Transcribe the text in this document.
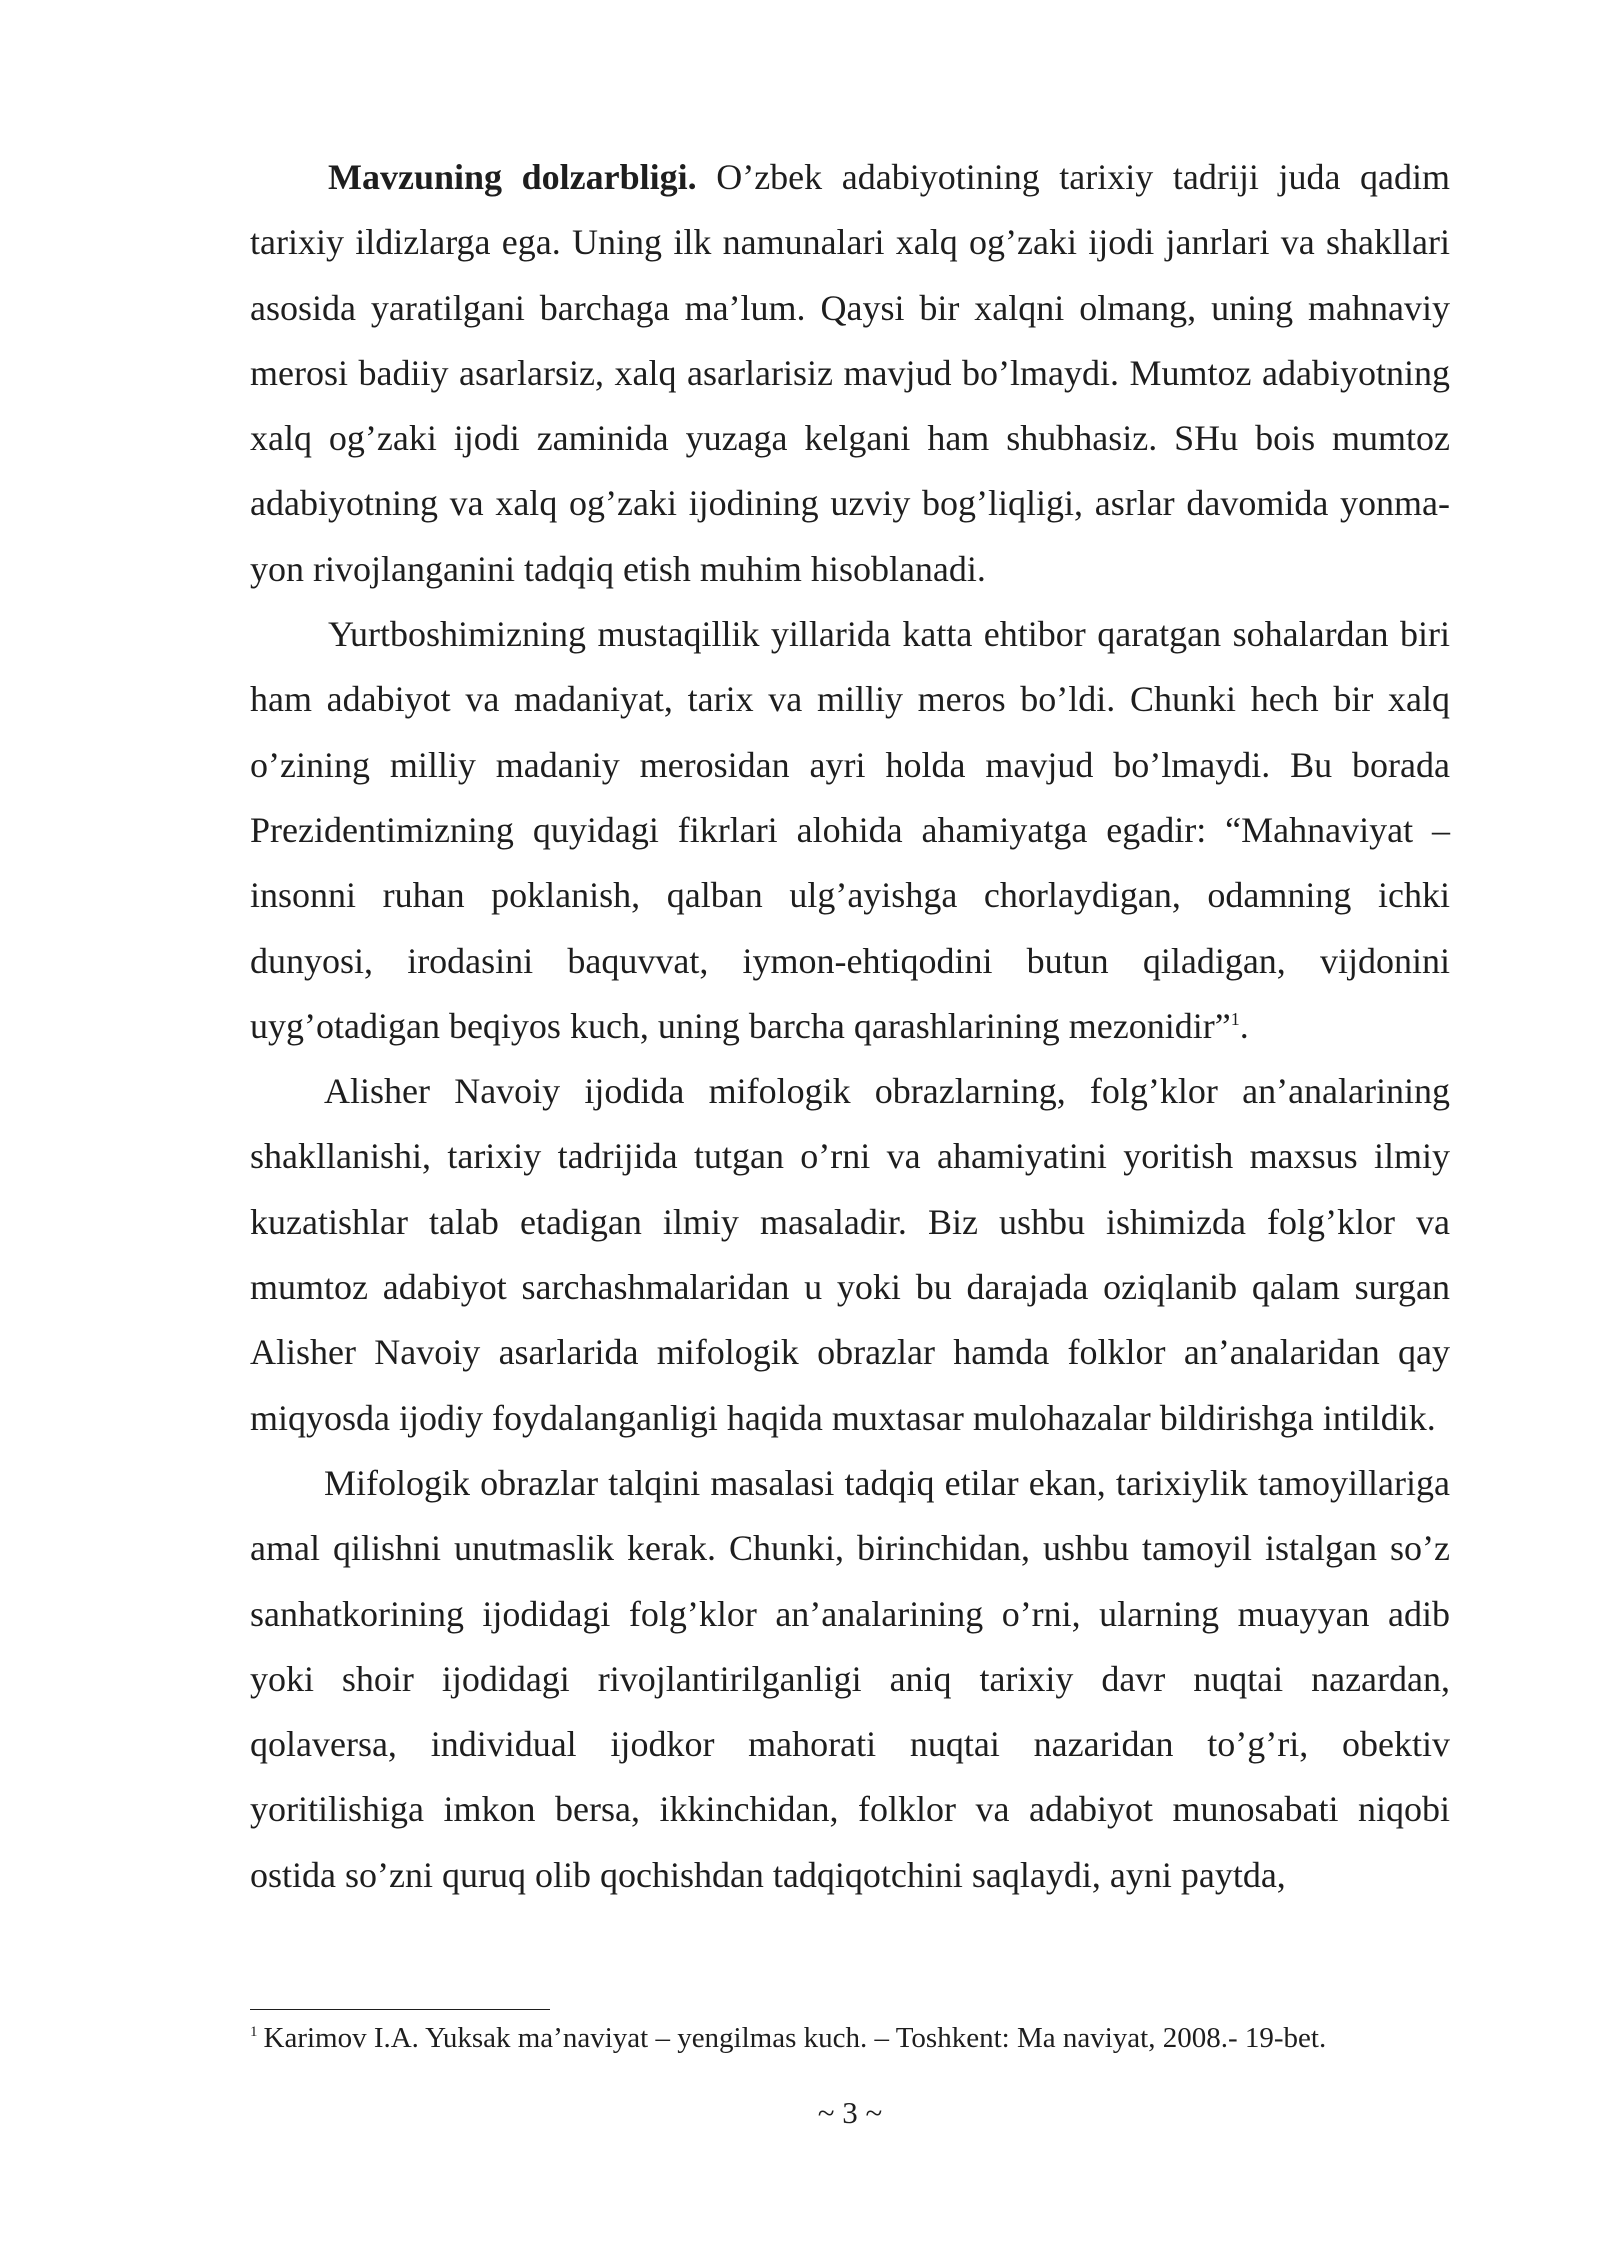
Mavzuning dolzarbligi. O’zbek adabiyotining tarixiy tadriji juda qadim tarixiy ildizlarga ega. Uning ilk namunalari xalq og’zaki ijodi janrlari va shakllari asosida yaratilgani barchaga ma’lum. Qaysi bir xalqni olmang, uning mahnaviy merosi badiiy asarlarsiz, xalq asarlarisiz mavjud bo’lmaydi. Mumtoz adabiyotning xalq og’zaki ijodi zaminida yuzaga kelgani ham shubhasiz. SHu bois mumtoz adabiyotning va xalq og’zaki ijodining uzviy bog’liqligi, asrlar davomida yonma-yon rivojlanganini tadqiq etish muhim hisoblanadi.

Yurtboshimizning mustaqillik yillarida katta ehtibor qaratgan sohalardan biri ham adabiyot va madaniyat, tarix va milliy meros bo’ldi. Chunki hech bir xalq o’zining milliy madaniy merosidan ayri holda mavjud bo’lmaydi. Bu borada Prezidentimizning quyidagi fikrlari alohida ahamiyatga egadir: “Mahnaviyat – insonni ruhan poklanish, qalban ulg’ayishga chorlaydigan, odamning ichki dunyosi, irodasini baquvvat, iymon-ehtiqodini butun qiladigan, vijdonini uyg’otadigan beqiyos kuch, uning barcha qarashlarining mezonidir”$^1$.

Alisher Navoiy ijodida mifologik obrazlarning, folg’klor an’analarining shakllanishi, tarixiy tadrijida tutgan o’rni va ahamiyatini yoritish maxsus ilmiy kuzatishlar talab etadigan ilmiy masaladir. Biz ushbu ishimizda folg’klor va mumtoz adabiyot sarchashmalaridan u yoki bu darajada oziqlanib qalam surgan Alisher Navoiy asarlarida mifologik obrazlar hamda folklor an’analaridan qay miqyosda ijodiy foydalanganligi haqida muxtasar mulohazalar bildirishga intildik.

Mifologik obrazlar talqini masalasi tadqiq etilar ekan, tarixiylik tamoyillariga amal qilishni unutmaslik kerak. Chunki, birinchidan, ushbu tamoyil istalgan so’z sanhatkorining ijodidagi folg’klor an’analarining o’rni, ularning muayyan adib yoki shoir ijodidagi rivojlantirilganligi aniq tarixiy davr nuqtai nazardan, qolaversa, individual ijodkor mahorati nuqtai nazaridan to’g’ri, obektiv yoritilishiga imkon bersa, ikkinchidan, folklor va adabiyot munosabati niqobi ostida so’zni quruq olib qochishdan tadqiqotchini saqlaydi, ayni paytda,

$^1$ Karimov I.A. Yuksak ma’naviyat – yengilmas kuch. – Toshkent: Ma naviyat, 2008.- 19-bet.
~ 3 ~
